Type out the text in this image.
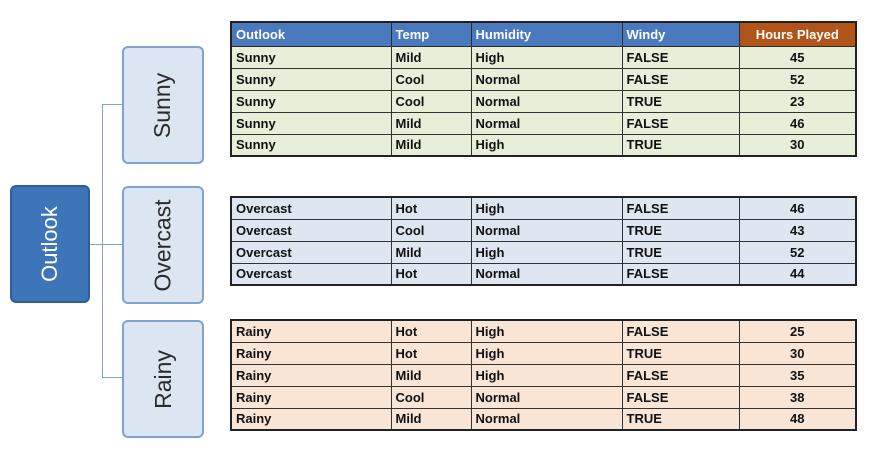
Outlook
Sunny
Overcast
Rainy
Outlook	Temp	Humidity	Windy	Hours Played
Sunny	Mild	High	FALSE	45
Sunny	Cool	Normal	FALSE	52
Sunny	Cool	Normal	TRUE	23
Sunny	Mild	Normal	FALSE	46
Sunny	Mild	High	TRUE	30
Overcast	Hot	High	FALSE	46
Overcast	Cool	Normal	TRUE	43
Overcast	Mild	High	TRUE	52
Overcast	Hot	Normal	FALSE	44
Rainy	Hot	High	FALSE	25
Rainy	Hot	High	TRUE	30
Rainy	Mild	High	FALSE	35
Rainy	Cool	Normal	FALSE	38
Rainy	Mild	Normal	TRUE	48
